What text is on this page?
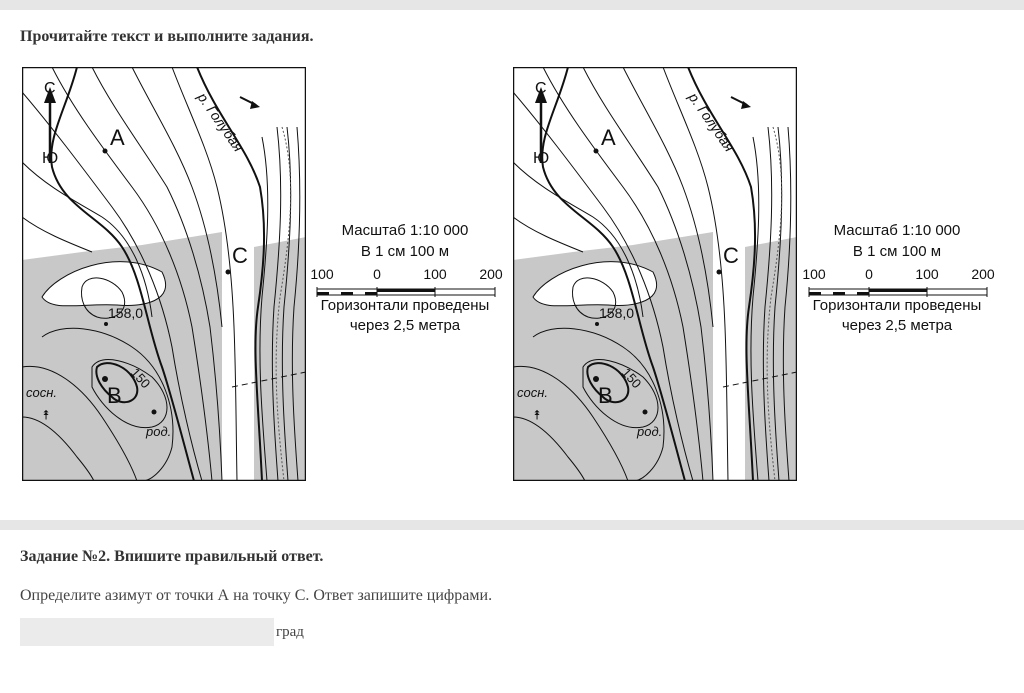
Прочитайте текст и выполните задания.
С
Ю
р. Голубая
А
С
158,0
В
150
сосн.
⯭
род.
Масштаб 1:10 000
В 1 см 100 м
100	0	100 200
Горизонтали проведены
через 2,5 метра
С
Ю
р. Голубая
А
С
158,0
В
150
сосн.
⯭
род.
Масштаб 1:10 000
В 1 см 100 м
100	0	100 200
Горизонтали проведены
через 2,5 метра
Задание №2. Впишите правильный ответ.
Определите азимут от точки А на точку С. Ответ запишите цифрами.
град
